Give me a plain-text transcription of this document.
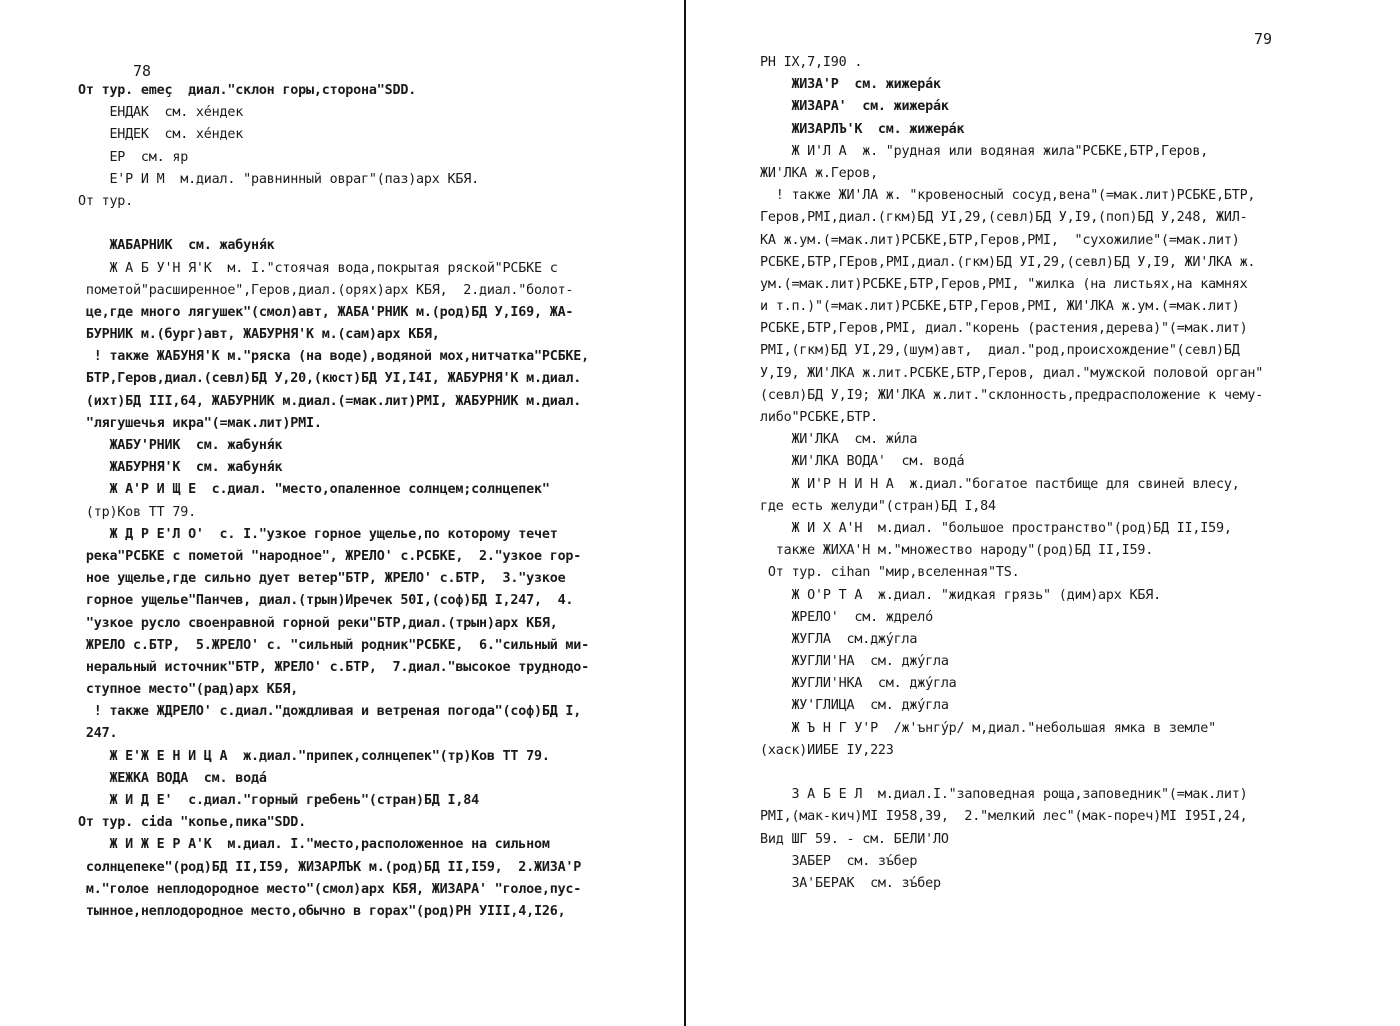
78
От тур. emeç  диал."склон горы,сторона"SDD.
ЕНДАК  см. хéндек
ЕНДЕК  см. хéндек
ЕР  см. яр
Е'Р И М  м.диал. "равнинный овраг"(паз)арх КБЯ.
От тур.

ЖАБАРНИК  см. жабуня́к
Ж А Б У'Н Я'К  м. I."стоячая вода,покрытая ряской"РСБКЕ с
пометой"расширенное",Геров,диал.(орях)арх КБЯ,  2.диал."болот-
це,где много лягушек"(смол)авт, ЖАБА'РНИК м.(род)БД У,I69, ЖА-
БУРНИК м.(бург)авт, ЖАБУРНЯ'К м.(сам)арх КБЯ,
! также ЖАБУНЯ'К м."ряска (на воде),водяной мох,нитчатка"РСБКЕ,
БТР,Геров,диал.(севл)БД У,20,(кюст)БД УI,I4I, ЖАБУРНЯ'К м.диал.
(ихт)БД III,64, ЖАБУРНИК м.диал.(=мак.лит)РМI, ЖАБУРНИК м.диал.
"лягушечья икра"(=мак.лит)РМI.
ЖАБУ'РНИК  см. жабуня́к
ЖАБУРНЯ'К  см. жабуня́к
Ж А'Р И Щ Е  с.диал. "место,опаленное солнцем;солнцепек"
(тр)Ков ТТ 79.
Ж Д Р Е'Л О'  с. I."узкое горное ущелье,по которому течет
река"РСБКЕ с пометой "народное", ЖРЕЛО' с.РСБКЕ,  2."узкое гор-
ное ущелье,где сильно дует ветер"БТР, ЖРЕЛО' с.БТР,  3."узкое
горное ущелье"Панчев, диал.(трын)Иречек 50I,(соф)БД I,247,  4.
"узкое русло своенравной горной реки"БТР,диал.(трын)арх КБЯ,
ЖРЕЛО с.БТР,  5.ЖРЕЛО' с. "сильный родник"РСБКЕ,  6."сильный ми-
неральный источник"БТР, ЖРЕЛО' с.БТР,  7.диал."высокое труднодо-
ступное место"(рад)арх КБЯ,
! также ЖДРЕЛО' с.диал."дождливая и ветреная погода"(соф)БД I,
247.
Ж Е'Ж Е Н И Ц А  ж.диал."припек,солнцепек"(тр)Ков ТТ 79.
ЖЕЖКА ВОДА  см. вода́
Ж И Д Е'  с.диал."горный гребень"(стран)БД I,84
От тур. cida "копье,пика"SDD.
Ж И Ж Е Р А'К  м.диал. I."место,расположенное на сильном
солнцепеке"(род)БД II,I59, ЖИЗАРЛЪК м.(род)БД II,I59,  2.ЖИЗА'Р
м."голое неплодородное место"(смол)арх КБЯ, ЖИЗАРА' "голое,пус-
тынное,неплодородное место,обычно в горах"(род)РН УIII,4,I26,
79
РН IX,7,I90 .
ЖИЗА'Р  см. жижера́к
ЖИЗАРА'  см. жижера́к
ЖИЗАРЛЪ'К  см. жижера́к
Ж И'Л А  ж. "рудная или водяная жила"РСБКЕ,БТР,Геров,
ЖИ'ЛКА ж.Геров,
! также ЖИ'ЛА ж. "кровеносный сосуд,вена"(=мак.лит)РСБКЕ,БТР,
Геров,РМI,диал.(гкм)БД УI,29,(севл)БД У,I9,(поп)БД У,248, ЖИЛ-
КА ж.ум.(=мак.лит)РСБКЕ,БТР,Геров,РМI,  "сухожилие"(=мак.лит)
РСБКЕ,БТР,ГЕров,РМI,диал.(гкм)БД УI,29,(севл)БД У,I9, ЖИ'ЛКА ж.
ум.(=мак.лит)РСБКЕ,БТР,Геров,РМI, "жилка (на листьях,на камнях
и т.п.)"(=мак.лит)РСБКЕ,БТР,Геров,РМI, ЖИ'ЛКА ж.ум.(=мак.лит)
РСБКЕ,БТР,Геров,РМI, диал."корень (растения,дерева)"(=мак.лит)
РМI,(гкм)БД УI,29,(шум)авт,  диал."род,происхождение"(севл)БД
У,I9, ЖИ'ЛКА ж.лит.РСБКЕ,БТР,Геров, диал."мужской половой орган"
(севл)БД У,I9; ЖИ'ЛКА ж.лит."склонность,предрасположение к чему-
либо"РСБКЕ,БТР.
ЖИ'ЛКА  см. жи́ла
ЖИ'ЛКА ВОДА'  см. вода́
Ж И'Р Н И Н А  ж.диал."богатое пастбище для свиней влесу,
где есть желуди"(стран)БД I,84
Ж И Х А'Н  м.диал. "большое пространство"(род)БД II,I59,
также ЖИХА'Н м."множество народу"(род)БД II,I59.
От тур. cihan "мир,вселенная"TS.
Ж О'Р Т А  ж.диал. "жидкая грязь" (дим)арх КБЯ.
ЖРЕЛО'  см. ждрело́
ЖУГЛА  см.джу́гла
ЖУГЛИ'НА  см. джу́гла
ЖУГЛИ'НКА  см. джу́гла
ЖУ'ГЛИЦА  см. джу́гла
Ж Ъ Н Г У'Р  /ж'ънгу́р/ м,диал."небольшая ямка в земле"
(хаск)ИИБЕ IУ,223

З А Б Е Л  м.диал.I."заповедная роща,заповедник"(=мак.лит)
РМI,(мак-кич)МI I958,39,  2."мелкий лес"(мак-пореч)МI I95I,24,
Вид ШГ 59. - см. БЕЛИ'ЛО
ЗАБЕР  см. зъ́бер
ЗА'БЕРАК  см. зъ́бер
